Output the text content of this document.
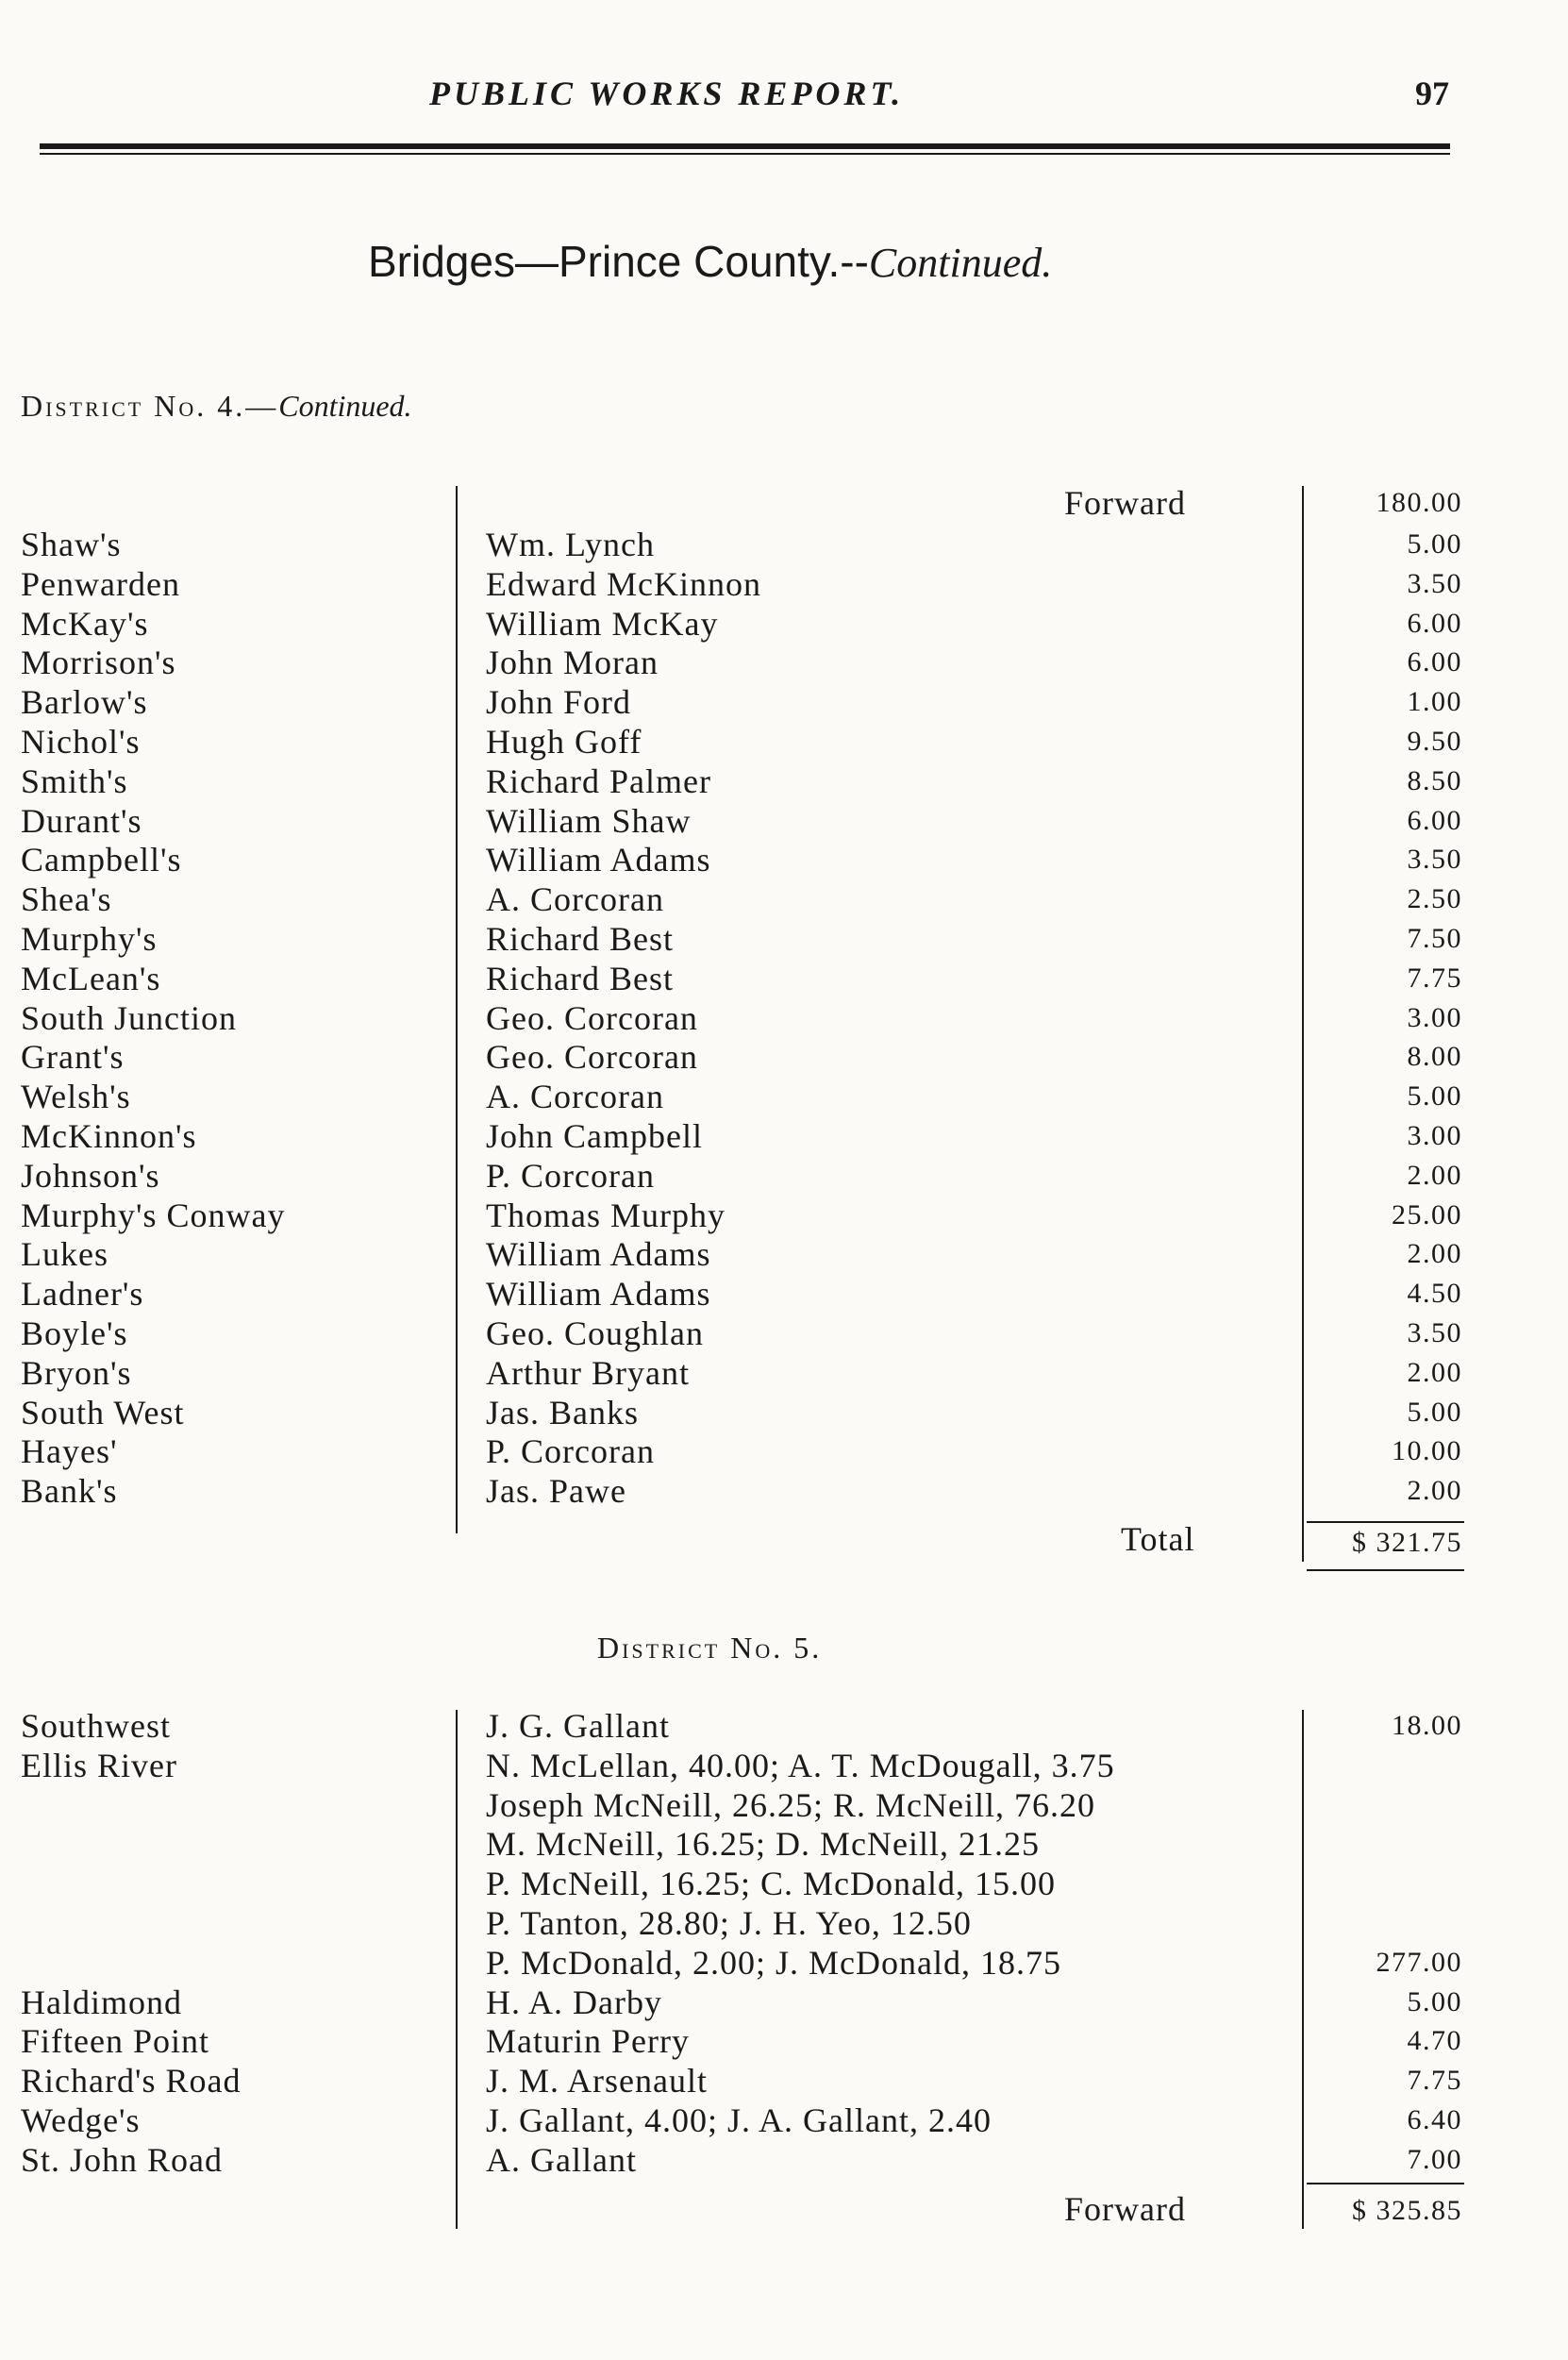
PUBLIC WORKS REPORT.	97
Bridges—Prince County.--Continued.
District No. 4.—Continued.
Forward	180.00
Shaw's	Wm. Lynch	5.00
Penwarden	Edward McKinnon	3.50
McKay's	William McKay	6.00
Morrison's	John Moran	6.00
Barlow's	John Ford	1.00
Nichol's	Hugh Goff	9.50
Smith's	Richard Palmer	8.50
Durant's	William Shaw	6.00
Campbell's	William Adams	3.50
Shea's	A. Corcoran	2.50
Murphy's	Richard Best	7.50
McLean's	Richard Best	7.75
South Junction	Geo. Corcoran	3.00
Grant's	Geo. Corcoran	8.00
Welsh's	A. Corcoran	5.00
McKinnon's	John Campbell	3.00
Johnson's	P. Corcoran	2.00
Murphy's Conway	Thomas Murphy	25.00
Lukes	William Adams	2.00
Ladner's	William Adams	4.50
Boyle's	Geo. Coughlan	3.50
Bryon's	Arthur Bryant	2.00
South West	Jas. Banks	5.00
Hayes'	P. Corcoran	10.00
Bank's	Jas. Pawe	2.00
Total	$ 321.75
District No. 5.
Southwest	J. G. Gallant	18.00
Ellis River	N. McLellan, 40.00; A. T. McDougall, 3.75
Joseph McNeill, 26.25; R. McNeill, 76.20
M. McNeill, 16.25; D. McNeill, 21.25
P. McNeill, 16.25; C. McDonald, 15.00
P. Tanton, 28.80; J. H. Yeo, 12.50
P. McDonald, 2.00; J. McDonald, 18.75	277.00
Haldimond	H. A. Darby	5.00
Fifteen Point	Maturin Perry	4.70
Richard's Road	J. M. Arsenault	7.75
Wedge's	J. Gallant, 4.00; J. A. Gallant, 2.40	6.40
St. John Road	A. Gallant	7.00
Forward	$ 325.85
